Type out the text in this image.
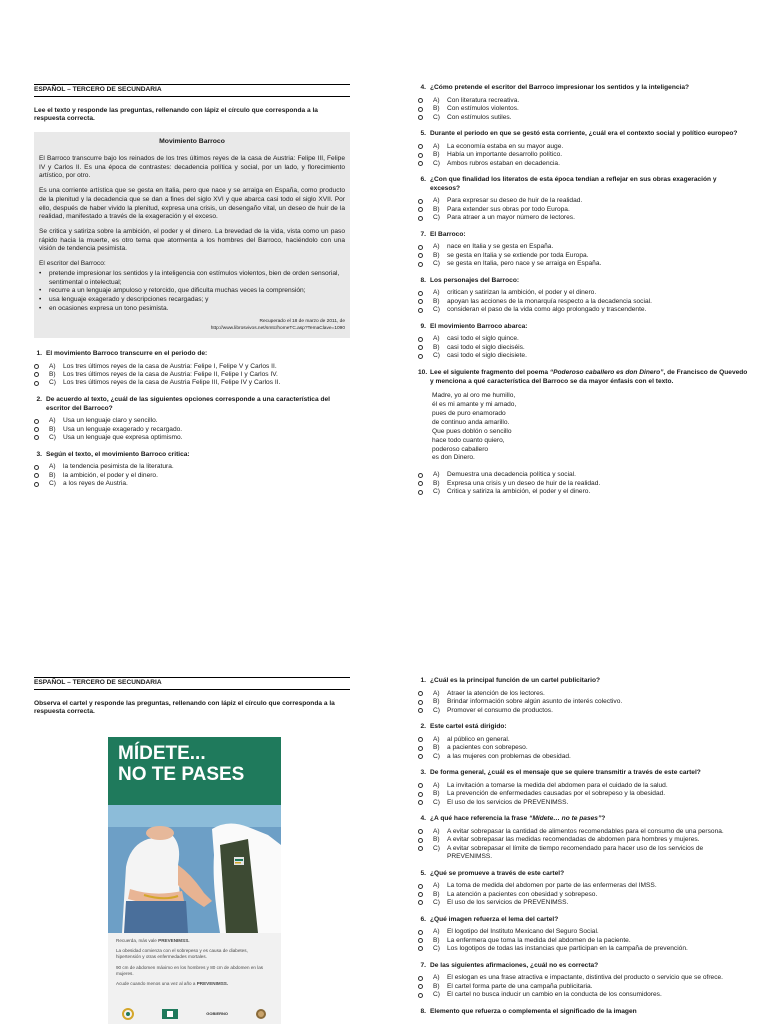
ESPAÑOL – TERCERO DE SECUNDARIA
Lee el texto y responde las preguntas, rellenando con lápiz el círculo que corresponda a la respuesta correcta.
Movimiento Barroco

El Barroco transcurre bajo los reinados de los tres últimos reyes de la casa de Austria: Felipe III, Felipe IV y Carlos II. Es una época de contrastes: decadencia política y social, por un lado, y florecimiento artístico, por otro.

Es una corriente artística que se gesta en Italia, pero que nace y se arraiga en España, como producto de la plenitud y la decadencia que se dan a fines del siglo XVI y que abarca casi todo el siglo XVII. Por ello, después de haber vivido la plenitud, expresa una crisis, un desengaño vital, un deseo de huir de la realidad, manifestado a través de la exageración y el exceso.

Se critica y satiriza sobre la ambición, el poder y el dinero. La brevedad de la vida, vista como un paso rápido hacia la muerte, es otro tema que atormenta a los hombres del Barroco, haciéndolo con una visión de tendencia pesimista.

El escritor del Barroco:

• pretende impresionar los sentidos y la inteligencia con estímulos violentos, bien de orden sensorial, sentimental o intelectual;
• recurre a un lenguaje ampuloso y retorcido, que dificulta muchas veces la comprensión;
• usa lenguaje exagerado y descripciones recargadas; y
• en ocasiones expresa un tono pesimista.
Recuperado el 18 de marzo de 2011, de
http://www.librosvivos.net/smtc/homeTC.asp?TemaClave=1090
1. El movimiento Barroco transcurre en el periodo de:
A)	Los tres últimos reyes de la casa de Austria: Felipe I, Felipe V y Carlos II.
B)	Los tres últimos reyes de la casa de Austria: Felipe II, Felipe I y Carlos IV.
C)	Los tres últimos reyes de la casa de Austria Felipe III, Felipe IV y Carlos II.
2. De acuerdo al texto, ¿cuál de las siguientes opciones corresponde a una característica del escritor del Barroco?
A)	Usa un lenguaje claro y sencillo.
B)	Usa un lenguaje exagerado y recargado.
C)	Usa un lenguaje que expresa optimismo.
3. Según el texto, el movimiento Barroco critica:
A)	la tendencia pesimista de la literatura.
B)	la ambición, el poder y el dinero.
C)	a los reyes de Austria.
4. ¿Cómo pretende el escritor del Barroco impresionar los sentidos y la inteligencia?
A)	Con literatura recreativa.
B)	Con estímulos violentos.
C)	Con estímulos sutiles.
5. Durante el periodo en que se gestó esta corriente, ¿cuál era el contexto social y político europeo?
A)	La economía estaba en su mayor auge.
B)	Había un importante desarrollo político.
C)	Ambos rubros estaban en decadencia.
6. ¿Con que finalidad los literatos de esta época tendían a reflejar en sus obras exageración y excesos?
A)	Para expresar su deseo de huir de la realidad.
B)	Para extender sus obras por todo Europa.
C)	Para atraer a un mayor número de lectores.
7. El Barroco:
A)	nace en Italia y se gesta en España.
B)	se gesta en Italia y se extiende por toda Europa.
C)	se gesta en Italia, pero nace y se arraiga en España.
8. Los personajes del Barroco:
A)	critican y satirizan la ambición, el poder y el dinero.
B)	apoyan las acciones de la monarquía respecto a la decadencia social.
C)	consideran el paso de la vida como algo prolongado y trascendente.
9. El movimiento Barroco abarca:
A)	casi todo el siglo quince.
B)	casi todo el siglo dieciséis.
C)	casi todo el siglo diecisiete.
10. Lee el siguiente fragmento del poema “Poderoso caballero es don Dinero”, de Francisco de Quevedo y menciona a qué característica del Barroco se da mayor énfasis con el texto.
Madre, yo al oro me humillo,
él es mi amante y mi amado,
pues de puro enamorado
de continuo anda amarillo.
Que pues doblón o sencillo
hace todo cuanto quiero,
poderoso caballero
es don Dinero.
A)	Demuestra una decadencia política y social.
B)	Expresa una crisis y un deseo de huir de la realidad.
C)	Critica y satiriza la ambición, el poder y el dinero.
ESPAÑOL – TERCERO DE SECUNDARIA
Observa el cartel y responde las preguntas, rellenando con lápiz el círculo que corresponda a la respuesta correcta.
MÍDETE...
NO TE PASES

Recuerda, más vale PREVENIMSS.

La obesidad comienza con el sobrepeso y es causa de diabetes, hipertensión y otras enfermedades mortales.

90 cm de abdomen máximo en los hombres y 80 cm de abdomen en las mujeres.

Acude cuando menos una vez al año a PREVENIMSS.

GOBIERNO
1. ¿Cuál es la principal función de un cartel publicitario?
A)	Atraer la atención de los lectores.
B)	Brindar información sobre algún asunto de interés colectivo.
C)	Promover el consumo de productos.
2. Este cartel está dirigido:
A)	al público en general.
B)	a pacientes con sobrepeso.
C)	a las mujeres con problemas de obesidad.
3. De forma general, ¿cuál es el mensaje que se quiere transmitir a través de este cartel?
A)	La invitación a tomarse la medida del abdomen para el cuidado de la salud.
B)	La prevención de enfermedades causadas por el sobrepeso y la obesidad.
C)	El uso de los servicios de PREVENIMSS.
4. ¿A qué hace referencia la frase “Mídete… no te pases”?
A)	A evitar sobrepasar la cantidad de alimentos recomendables para el consumo de una persona.
B)	A evitar sobrepasar las medidas recomendadas de abdomen para hombres y mujeres.
C)	A evitar sobrepasar el límite de tiempo recomendado para hacer uso de los servicios de PREVENIMSS.
5. ¿Qué se promueve a través de este cartel?
A)	La toma de medida del abdomen por parte de las enfermeras del IMSS.
B)	La atención a pacientes con obesidad y sobrepeso.
C)	El uso de los servicios de PREVENIMSS.
6. ¿Qué imagen refuerza el lema del cartel?
A)	El logotipo del Instituto Mexicano del Seguro Social.
B)	La enfermera que toma la medida del abdomen de la paciente.
C)	Los logotipos de todas las instancias que participan en la campaña de prevención.
7. De las siguientes afirmaciones, ¿cuál no es correcta?
A)	El eslogan es una frase atractiva e impactante, distintiva del producto o servicio que se ofrece.
B)	El cartel forma parte de una campaña publicitaria.
C)	El cartel no busca inducir un cambio en la conducta de los consumidores.
8. Elemento que refuerza o complementa el significado de la imagen
